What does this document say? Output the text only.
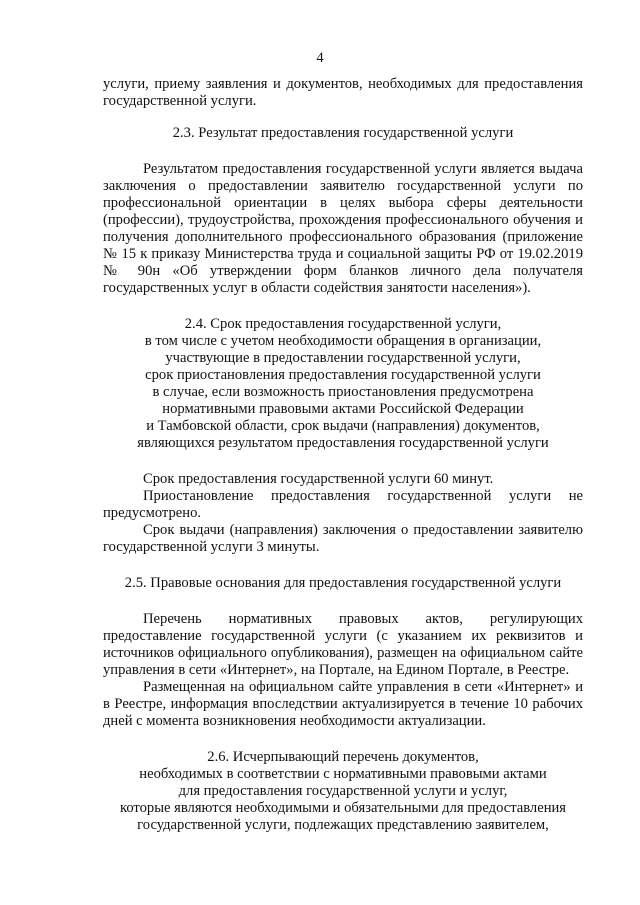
4

услуги, приему заявления и документов, необходимых для предоставления государственной услуги.

2.3. Результат предоставления государственной услуги

Результатом предоставления государственной услуги является выдача заключения о предоставлении заявителю государственной услуги по профессиональной ориентации в целях выбора сферы деятельности (профессии), трудоустройства, прохождения профессионального обучения и получения дополнительного профессионального образования (приложение № 15 к приказу Министерства труда и социальной защиты РФ от 19.02.2019 № 90н «Об утверждении форм бланков личного дела получателя государственных услуг в области содействия занятости населения»).

2.4. Срок предоставления государственной услуги,
в том числе с учетом необходимости обращения в организации,
участвующие в предоставлении государственной услуги,
срок приостановления предоставления государственной услуги
в случае, если возможность приостановления предусмотрена
нормативными правовыми актами Российской Федерации
и Тамбовской области, срок выдачи (направления) документов,
являющихся результатом предоставления государственной услуги

Срок предоставления государственной услуги 60 минут.

Приостановление предоставления государственной услуги не предусмотрено.

Срок выдачи (направления) заключения о предоставлении заявителю государственной услуги 3 минуты.

2.5. Правовые основания для предоставления государственной услуги

Перечень нормативных правовых актов, регулирующих предоставление государственной услуги (с указанием их реквизитов и источников официального опубликования), размещен на официальном сайте управления в сети «Интернет», на Портале, на Едином Портале, в Реестре.

Размещенная на официальном сайте управления в сети «Интернет» и в Реестре, информация впоследствии актуализируется в течение 10 рабочих дней с момента возникновения необходимости актуализации.

2.6. Исчерпывающий перечень документов,
необходимых в соответствии с нормативными правовыми актами
для предоставления государственной услуги и услуг,
которые являются необходимыми и обязательными для предоставления
государственной услуги, подлежащих представлению заявителем,
